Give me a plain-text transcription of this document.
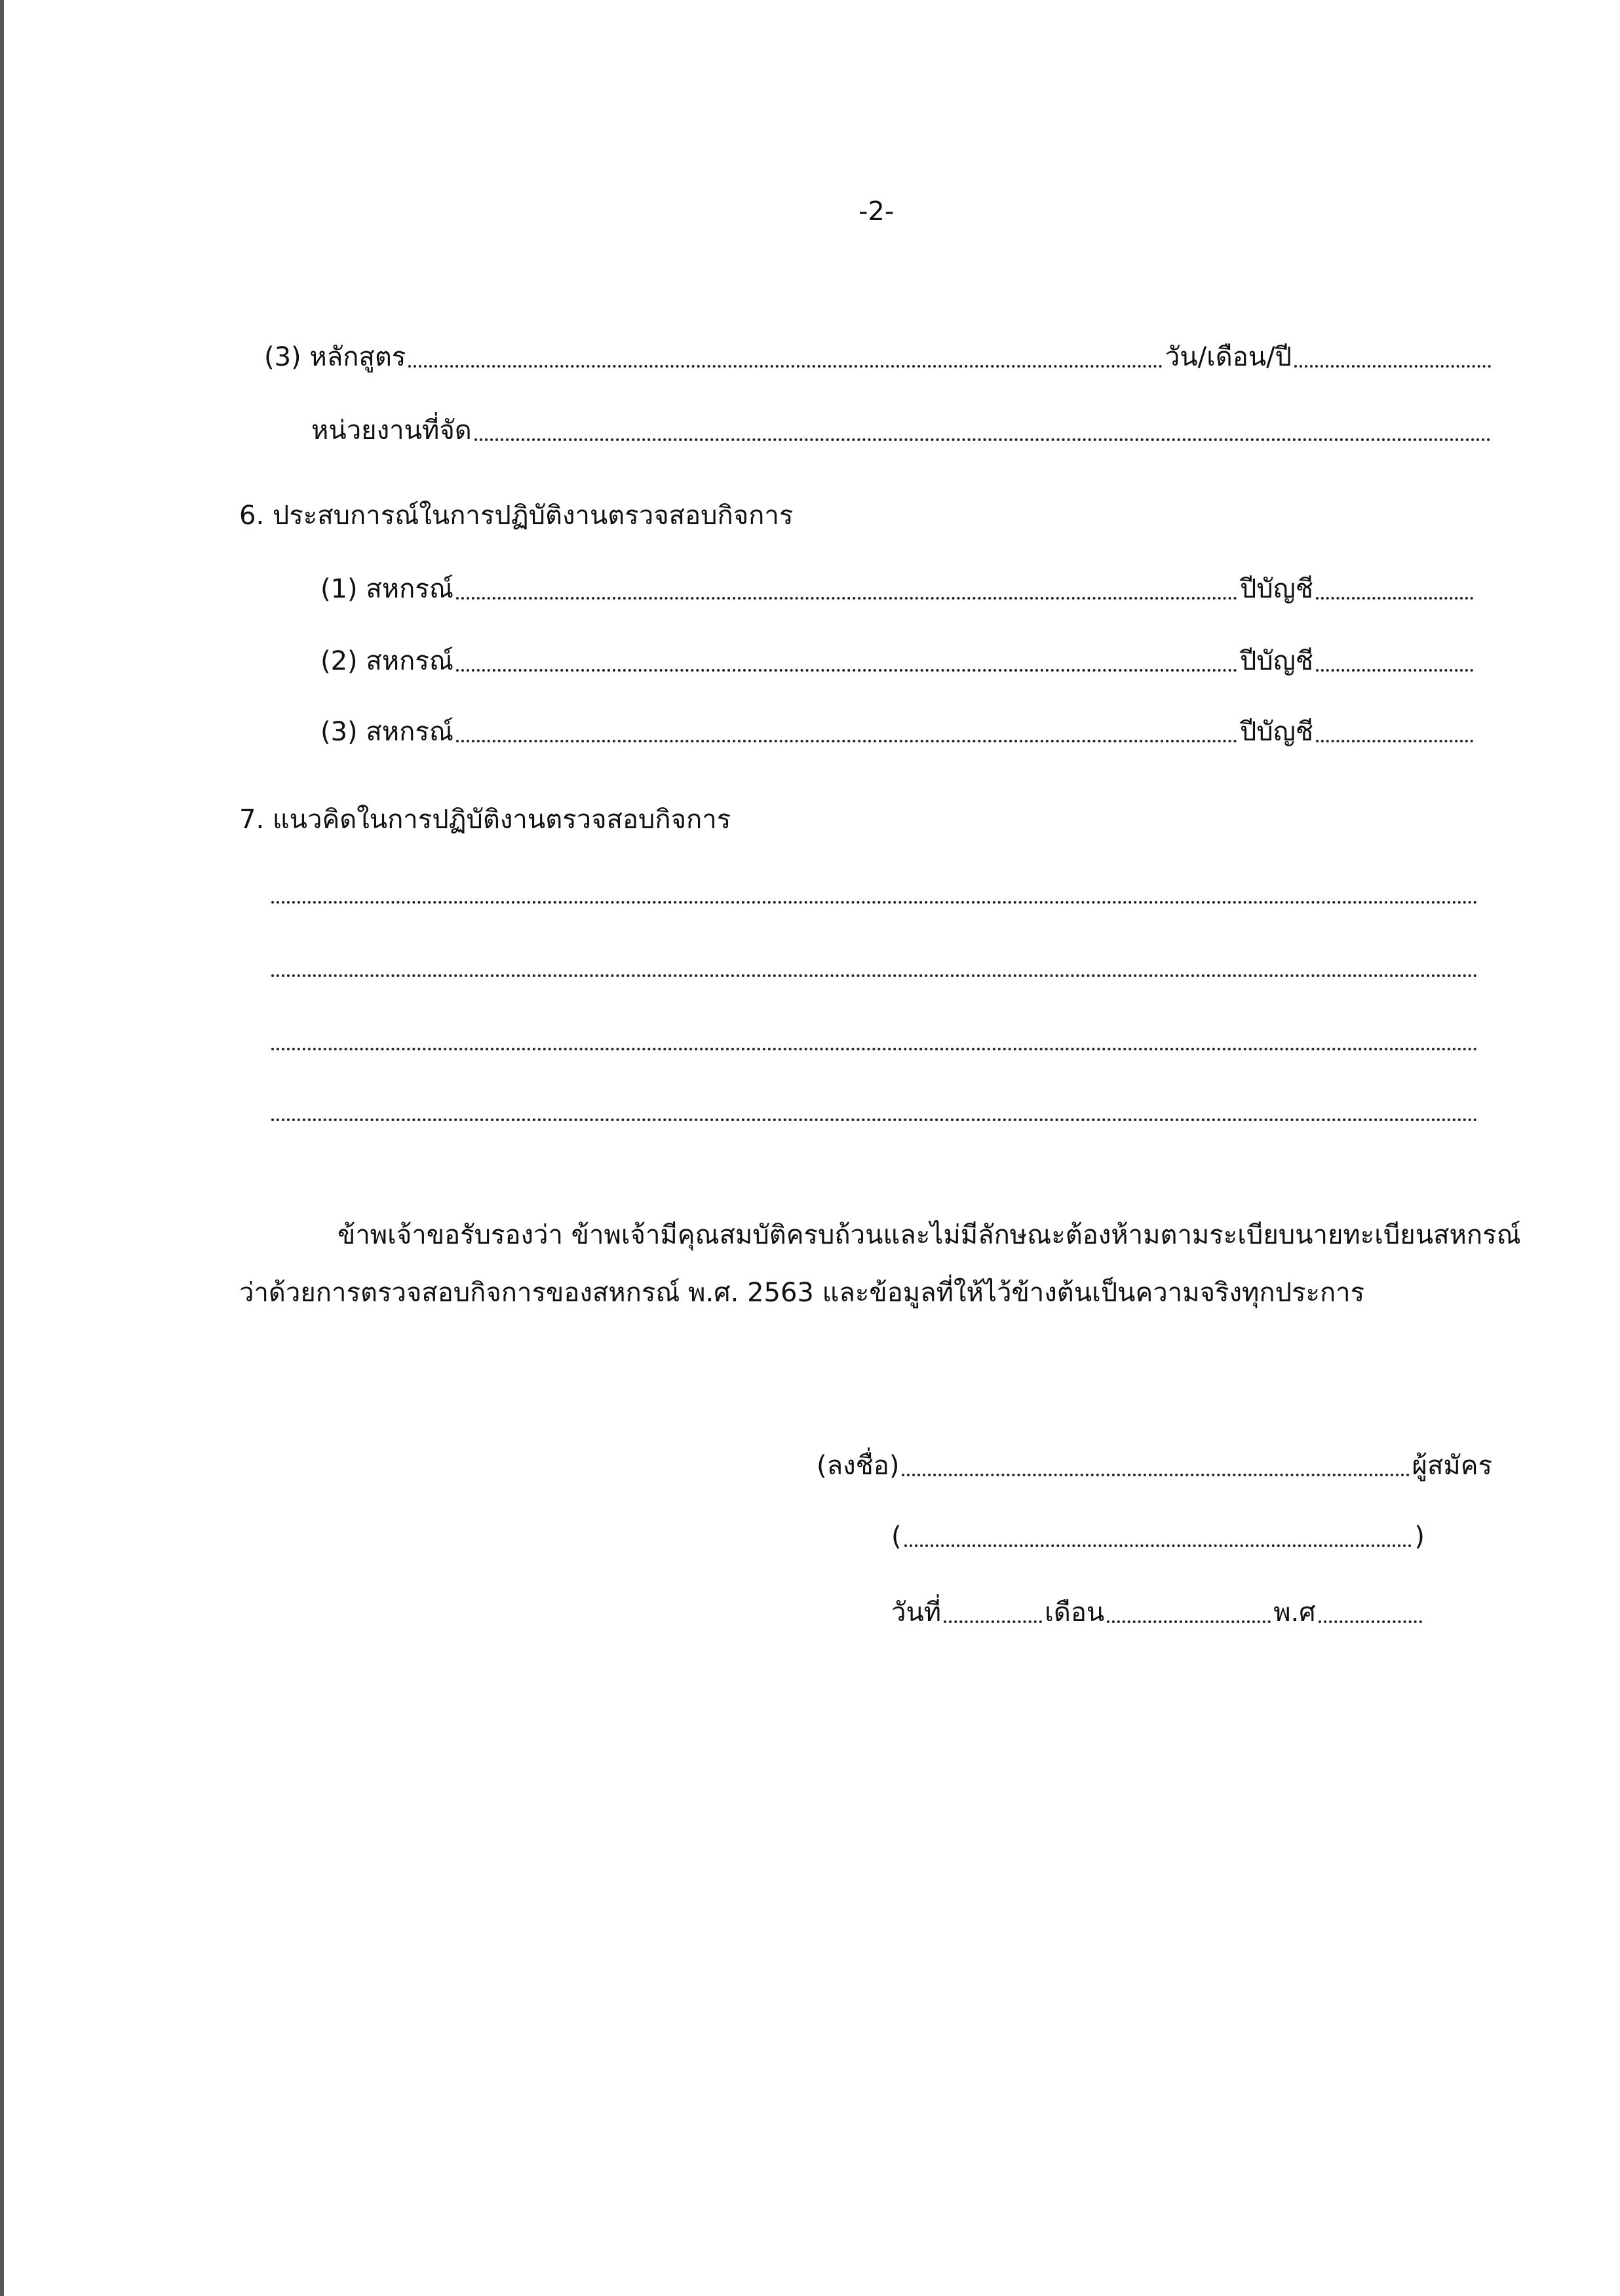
-2-
(3) หลักสูตร	วัน/เดือน/ปี
หน่วยงานที่จัด
6. ประสบการณ์ในการปฏิบัติงานตรวจสอบกิจการ
(1) สหกรณ์	ปีบัญชี
(2) สหกรณ์	ปีบัญชี
(3) สหกรณ์	ปีบัญชี
7. แนวคิดในการปฏิบัติงานตรวจสอบกิจการ
ข้าพเจ้าขอรับรองว่า ข้าพเจ้ามีคุณสมบัติครบถ้วนและไม่มีลักษณะต้องห้ามตามระเบียบนายทะเบียนสหกรณ์
ว่าด้วยการตรวจสอบกิจการของสหกรณ์ พ.ศ. 2563 และข้อมูลที่ให้ไว้ข้างต้นเป็นความจริงทุกประการ
(ลงชื่อ)	ผู้สมัคร
(	)
วันที่	เดือน	พ.ศ
